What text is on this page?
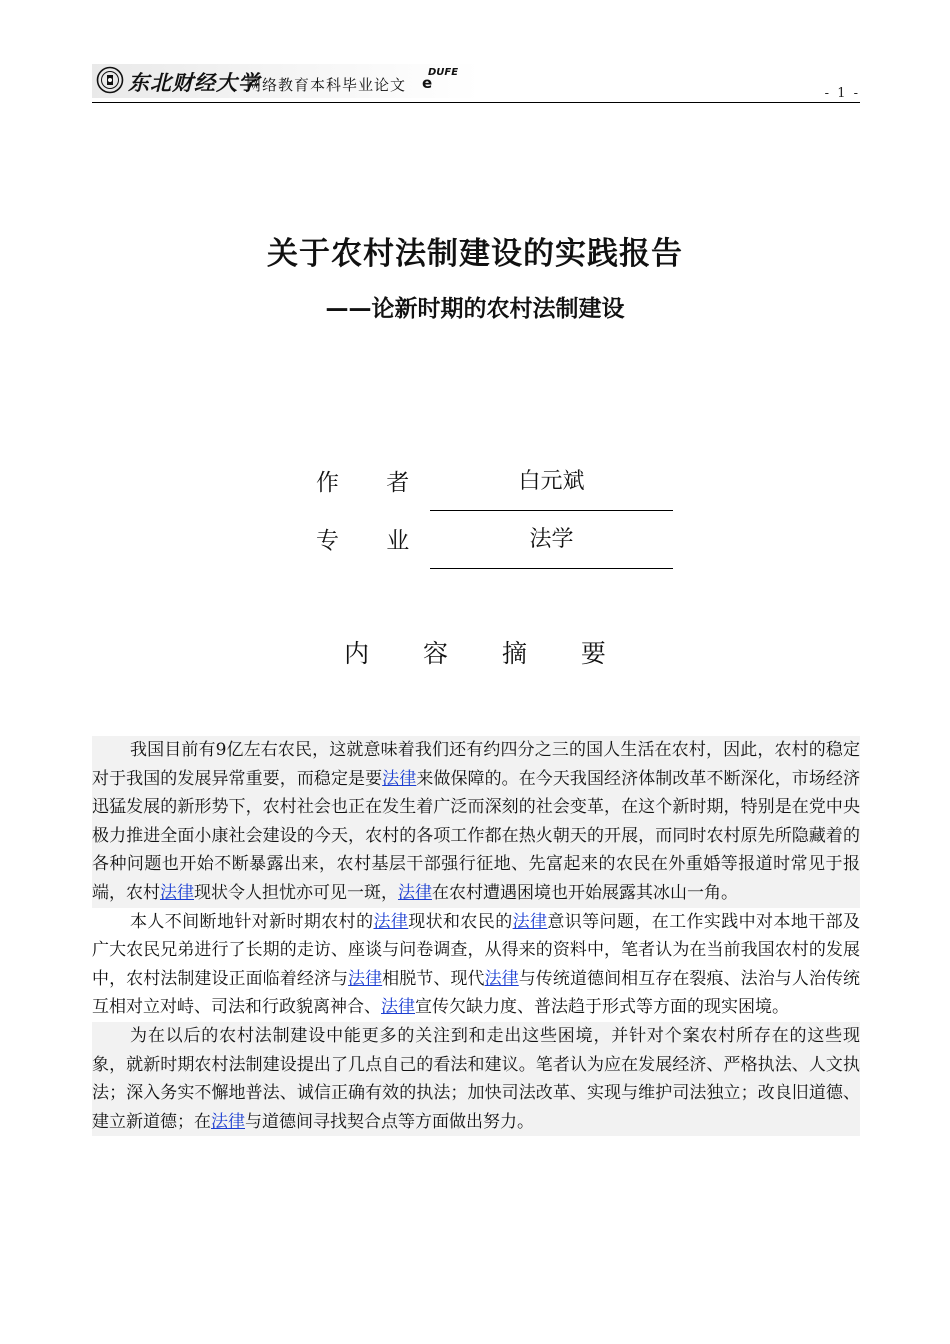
东北财经大学
网络教育本科毕业论文 e
DUFE
- 1 -
关于农村法制建设的实践报告
——论新时期的农村法制建设
作 者	白元斌
专 业	法学
内 容 摘 要

我国目前有9亿左右农民，这就意味着我们还有约四分之三的国人生活在农村，因此，农村的稳定对于我国的发展异常重要，而稳定是要法律来做保障的。在今天我国经济体制改革不断深化，市场经济迅猛发展的新形势下，农村社会也正在发生着广泛而深刻的社会变革，在这个新时期，特别是在党中央极力推进全面小康社会建设的今天，农村的各项工作都在热火朝天的开展，而同时农村原先所隐藏着的各种问题也开始不断暴露出来，农村基层干部强行征地、先富起来的农民在外重婚等报道时常见于报端，农村法律现状令人担忧亦可见一斑，法律在农村遭遇困境也开始展露其冰山一角。

本人不间断地针对新时期农村的法律现状和农民的法律意识等问题，在工作实践中对本地干部及广大农民兄弟进行了长期的走访、座谈与问卷调查，从得来的资料中，笔者认为在当前我国农村的发展中，农村法制建设正面临着经济与法律相脱节、现代法律与传统道德间相互存在裂痕、法治与人治传统互相对立对峙、司法和行政貌离神合、法律宣传欠缺力度、普法趋于形式等方面的现实困境。

为在以后的农村法制建设中能更多的关注到和走出这些困境，并针对个案农村所存在的这些现象，就新时期农村法制建设提出了几点自己的看法和建议。笔者认为应在发展经济、严格执法、人文执法；深入务实不懈地普法、诚信正确有效的执法；加快司法改革、实现与维护司法独立；改良旧道德、建立新道德；在法律与道德间寻找契合点等方面做出努力。
